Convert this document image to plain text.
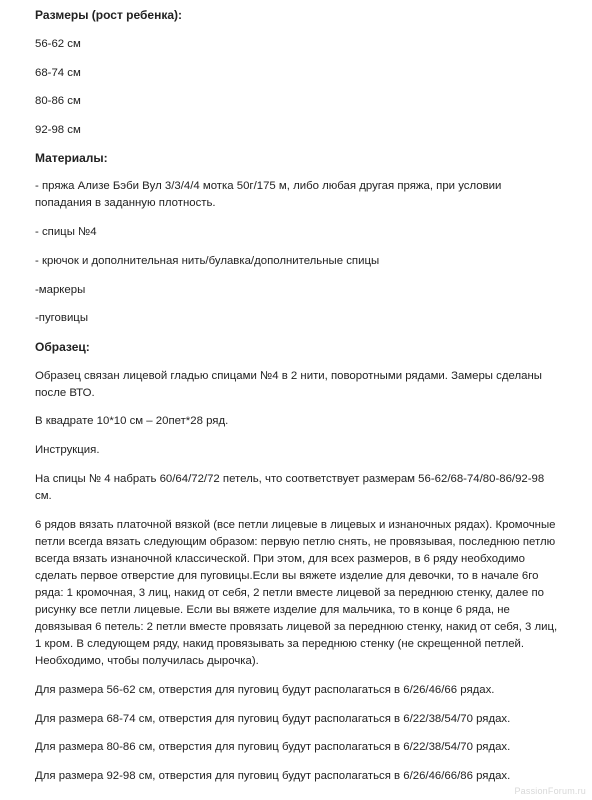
Размеры (рост ребенка):
56-62 см
68-74 см
80-86 см
92-98 см
Материалы:
- пряжа Ализе Бэби Вул 3/3/4/4 мотка 50г/175 м, либо любая другая пряжа, при условии
попадания в заданную плотность.
- спицы №4
- крючок и дополнительная нить/булавка/дополнительные спицы
-маркеры
-пуговицы
Образец:
Образец связан лицевой гладью спицами №4 в 2 нити, поворотными рядами. Замеры сделаны
после ВТО.
В квадрате 10*10 см – 20пет*28 ряд.
Инструкция.
На спицы № 4 набрать 60/64/72/72 петель, что соответствует размерам 56-62/68-74/80-86/92-98
см.
6 рядов вязать платочной вязкой (все петли лицевые в лицевых и изнаночных рядах). Кромочные
петли всегда вязать следующим образом: первую петлю снять, не провязывая, последнюю петлю
всегда вязать изнаночной классической. При этом, для всех размеров, в 6 ряду необходимо
сделать первое отверстие для пуговицы.Если вы вяжете изделие для девочки, то в начале 6го
ряда: 1 кромочная, 3 лиц, накид от себя, 2 петли вместе лицевой за переднюю стенку, далее по
рисунку все петли лицевые. Если вы вяжете изделие для мальчика, то в конце 6 ряда, не
довязывая 6 петель: 2 петли вместе провязать лицевой за переднюю стенку, накид от себя, 3 лиц,
1 кром. В следующем ряду, накид провязывать за переднюю стенку (не скрещенной петлей.
Необходимо, чтобы получилась дырочка).
Для размера 56-62 см, отверстия для пуговиц будут располагаться в 6/26/46/66 рядах.
Для размера 68-74 см, отверстия для пуговиц будут располагаться в 6/22/38/54/70 рядах.
Для размера 80-86 см, отверстия для пуговиц будут располагаться в 6/22/38/54/70 рядах.
Для размера 92-98 см, отверстия для пуговиц будут располагаться в 6/26/46/66/86 рядах.
PassionForum.ru
